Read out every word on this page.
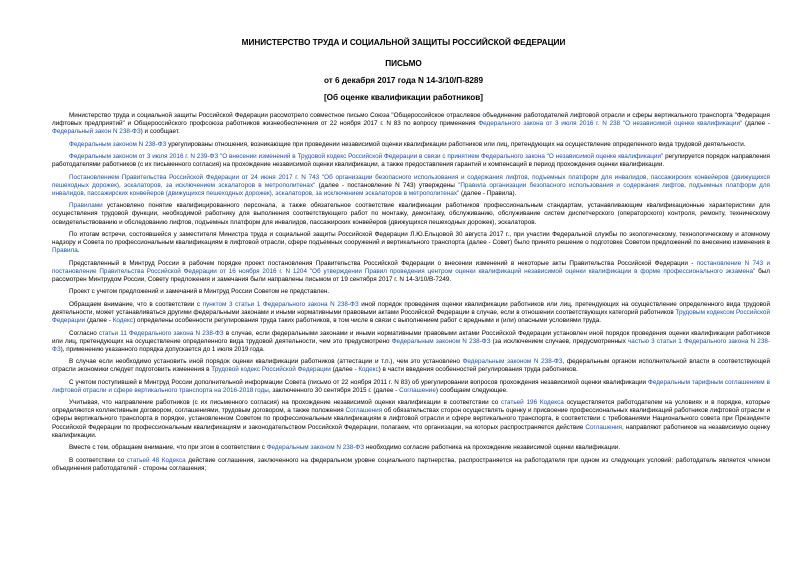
МИНИСТЕРСТВО ТРУДА И СОЦИАЛЬНОЙ ЗАЩИТЫ РОССИЙСКОЙ ФЕДЕРАЦИИ
ПИСЬМО
от 6 декабря 2017 года N 14-3/10/П-8289
[Об оценке квалификации работников]

Министерство труда и социальной защиты Российской Федерации рассмотрело совместное письмо Союза "Общероссийское отраслевое объединение работодателей лифтовой отрасли и сферы вертикального транспорта "Федерация лифтовых предприятий" и Общероссийского профсоюза работников жизнеобеспечения от 22 ноября 2017 г. N 83 по вопросу применения Федерального закона от 3 июля 2016 г. N 238 "О независимой оценке квалификации" (далее - Федеральный закон N 238-ФЗ) и сообщает.

Федеральным законом N 238-ФЗ урегулированы отношения, возникающие при проведении независимой оценки квалификации работников или лиц, претендующих на осуществление определенного вида трудовой деятельности.

Федеральным законом от 3 июля 2016 г. N 239-ФЗ "О внесении изменений в Трудовой кодекс Российской Федерации в связи с принятием Федерального закона "О независимой оценке квалификации" регулируется порядок направления работодателями работников (с их письменного согласия) на прохождение независимой оценки квалификации, а также предоставления гарантий и компенсаций в период прохождения оценки квалификации.

Постановлением Правительства Российской Федерации от 24 июня 2017 г. N 743 "Об организации безопасного использования и содержания лифтов, подъемных платформ для инвалидов, пассажирских конвейеров (движущихся пешеходных дорожек), эскалаторов, за исключением эскалаторов в метрополитенах" (далее - постановление N 743) утверждены "Правила организации безопасного использования и содержания лифтов, подъемных платформ для инвалидов, пассажирских конвейеров (движущихся пешеходных дорожек), эскалаторов, за исключением эскалаторов в метрополитенах" (далее - Правила).

Правилами установлено понятие квалифицированного персонала, а также обязательное соответствие квалификации работников профессиональным стандартам, устанавливающим квалификационные характеристики для осуществления трудовой функции, необходимой работнику для выполнения соответствующего работ по монтажу, демонтажу, обслуживанию, обслуживание систем диспетчерского (операторского) контроля, ремонту, техническому освидетельствованию и обследованию лифтов, подъемных платформ для инвалидов, пассажирских конвейеров (движущихся пешеходных дорожек), эскалаторов.

По итогам встречи, состоявшейся у заместителя Министра труда и социальной защиты Российской Федерации Л.Ю.Ельцовой 30 августа 2017 г., при участии Федеральной службы по экологическому, технологическому и атомному надзору и Совета по профессиональным квалификациям в лифтовой отрасли, сфере подъемных сооружений и вертикального транспорта (далее - Совет) было принято решение о подготовке Советом предложений по внесению изменения в Правила.

Представленный в Минтруд России в рабочем порядке проект постановления Правительства Российской Федерации о внесении изменений в некоторые акты Правительства Российской Федерации - постановление N 743 и постановление Правительства Российской Федерации от 16 ноября 2016 г. N 1204 "Об утверждении Правил проведения центром оценки квалификаций независимой оценки квалификации в форме профессионального экзамена" был рассмотрен Минтрудом России, Совету предложения и замечания были направлены письмом от 19 сентября 2017 г. N 14-3/10/В-7249.

Проект с учетом предложений и замечаний в Минтруд России Советом не представлен.

Обращаем внимание, что в соответствии с пунктом 3 статьи 1 Федерального закона N 238-ФЗ иной порядок проведения оценки квалификации работников или лиц, претендующих на осуществление определенного вида трудовой деятельности, может устанавливаться другими федеральными законами и иными нормативными правовыми актами Российской Федерации в случае, если в отношении соответствующих категорий работников Трудовым кодексом Российской Федерации (далее - Кодекс) определены особенности регулирования труда таких работников, в том числе в связи с выполнением работ с вредными и (или) опасными условиями труда.

Согласно статьи 11 Федерального закона N 238-ФЗ в случае, если федеральными законами и иными нормативными правовыми актами Российской Федерации установлен иной порядок проведения оценки квалификации работников или лиц, претендующих на осуществление определенного вида трудовой деятельности, чем это предусмотрено Федеральным законом N 238-ФЗ (за исключением случаев, предусмотренных частью 3 статьи 1 Федерального закона N 238-ФЗ), применению указанного порядка допускается до 1 июля 2019 года.

В случае если необходимо установить иной порядок оценки квалификации работников (аттестации и т.п.), чем это установлено Федеральным законом N 238-ФЗ, федеральным органом исполнительной власти в соответствующей отрасли экономики следует подготовить изменения в Трудовой кодекс Российской Федерации (далее - Кодекс) в части введения особенностей регулирования труда работников.

С учетом поступившей в Минтруд России дополнительной информации Совета (письмо от 22 ноября 2011 г. N 83) об урегулировании вопросов прохождения независимой оценки квалификации Федеральным тарифным соглашением в лифтовой отрасли и сфере вертикального транспорта на 2016-2018 годы, заключенного 30 сентября 2015 г. (далее - Соглашение) сообщаем следующее.

Учитывая, что направление работников (с их письменного согласия) на прохождение независимой оценки квалификации в соответствии со статьей 196 Кодекса осуществляется работодателем на условиях и в порядке, которые определяются коллективным договором, соглашениями, трудовым договором, а также положения Соглашения об обязательствах сторон осуществлять оценку и присвоение профессиональных квалификаций работников лифтовой отрасли и сферы вертикального транспорта в порядке, установленном Советом по профессиональным квалификациям в лифтовой отрасли и сфере вертикального транспорта, в соответствии с требованиями Национального совета при Президенте Российской Федерации по профессиональным квалификациям и законодательством Российской Федерации, полагаем, что организации, на которых распространяется действие Соглашения, направляют работников на независимую оценку квалификации.

Вместе с тем, обращаем внимание, что при этом в соответствии с Федеральным законом N 238-ФЗ необходимо согласие работника на прохождение независимой оценки квалификации.

В соответствии со статьей 48 Кодекса действие соглашения, заключенного на федеральном уровне социального партнерства, распространяется на работодателя при одном из следующих условий: работодатель является членом объединения работодателей - стороны соглашения;
